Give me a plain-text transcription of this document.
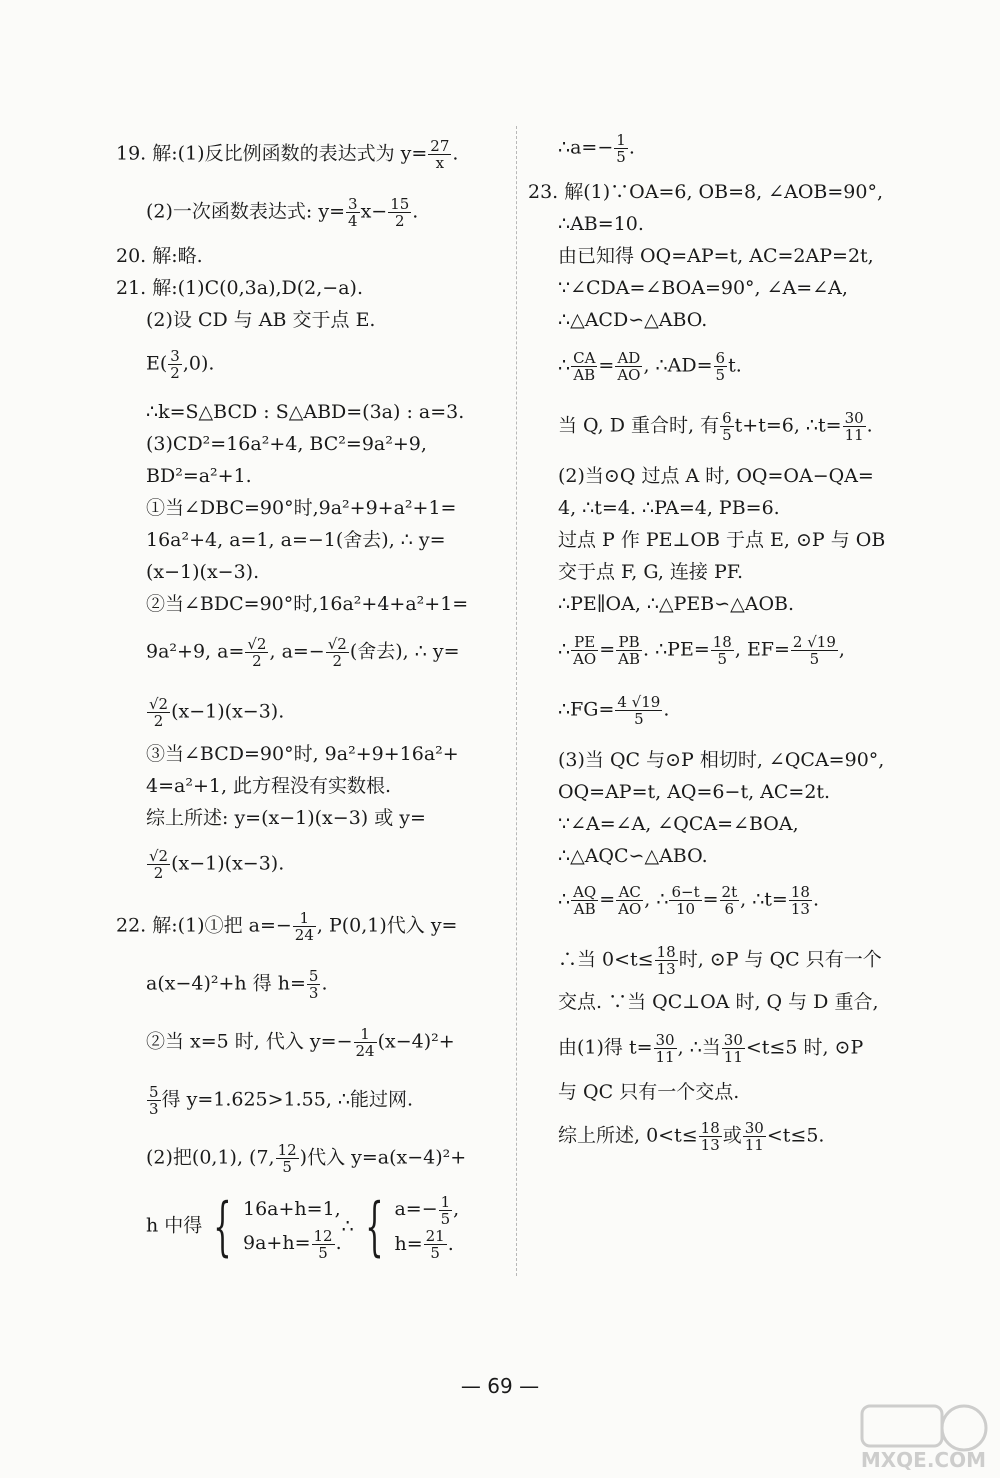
19. 解:(1)反比例函数的表达式为 $y= \frac{27}{x}$ .
(2)一次函数表达式: $y= \frac{3}{4} x- \frac{15}{2}$ .
20. 解:略.
21. 解:(1)C(0,3a),D(2,−a).
(2)设 CD 与 AB 交于点 E.
$E( \frac{3}{2} ,0)$.
∴k=S△BCD : S△ABD=(3a) : a=3.
(3)CD²=16a²+4, BC²=9a²+9,
BD²=a²+1.
①当∠DBC=90°时,9a²+9+a²+1=
16a²+4, a=1, a=−1(舍去), ∴ y=
(x−1)(x−3).
②当∠BDC=90°时,16a²+4+a²+1=
9a²+9, $a= \frac{√2}{2}$ , $a=- \frac{√2}{2}$ (舍去), ∴ y=
$\frac{√2}{2} (x-1)(x-3)$.
③当∠BCD=90°时, 9a²+9+16a²+
4=a²+1, 此方程没有实数根.
综上所述: y=(x−1)(x−3) 或 y=
$\frac{√2}{2} (x-1)(x-3)$.
22. 解:(1)①把 $a=- \frac{1}{24}$ , P(0,1)代入 y=
a(x−4)²+h 得 $h= \frac{5}{3}$ .
②当 x=5 时, 代入 $y=- \frac{1}{24} (x-4)^2+$
$\frac{5}{3}$ 得 y=1.625>1.55, ∴能过网.
(2)把(0,1), (7, $\frac{12}{5}$ )代入 y=a(x−4)²+
h 中得 { 16a+h=1,
$9a+h= \frac{12}{5}$ .
∴ { $a=- \frac{1}{5}$ ,
$h= \frac{21}{5}$ .
∴a=− $\frac{1}{5}$ .
23. 解(1)∵OA=6, OB=8, ∠AOB=90°,
∴AB=10.
由已知得 OQ=AP=t, AC=2AP=2t,
∵∠CDA=∠BOA=90°, ∠A=∠A,
∴△ACD∽△ABO.
∴ $\frac{CA}{AB} = \frac{AD}{AO}$ , ∴AD= $\frac{6}{5} t$.
当 Q, D 重合时, 有 $\frac{6}{5} t+t=6$, ∴t= $\frac{30}{11}$ .
(2)当⊙Q 过点 A 时, OQ=OA−QA=
4, ∴t=4. ∴PA=4, PB=6.
过点 P 作 PE⊥OB 于点 E, ⊙P 与 OB
交于点 F, G, 连接 PF.
∴PE∥OA, ∴△PEB∽△AOB.
∴ $\frac{PE}{AO} = \frac{PB}{AB}$ . ∴PE= $\frac{18}{5}$ , $EF= \frac{2 √19}{5}$ ,
∴FG= $\frac{4 √19}{5}$ .
(3)当 QC 与⊙P 相切时, ∠QCA=90°,
OQ=AP=t, AQ=6−t, AC=2t.
∵∠A=∠A, ∠QCA=∠BOA,
∴△AQC∽△ABO.
∴ $\frac{AQ}{AB} = \frac{AC}{AO}$ , ∴ $\frac{6-t}{10} = \frac{2t}{6}$ , ∴t= $\frac{18}{13}$ .
∴当 $0<t\le \frac{18}{13}$ 时, ⊙P 与 QC 只有一个
交点. ∵当 QC⊥OA 时, Q 与 D 重合,
由(1)得 $t= \frac{30}{11}$ , ∴当 $\frac{30}{11} <t\le 5$ 时, ⊙P
与 QC 只有一个交点.
综上所述, $0<t\le \frac{18}{13}$ 或 $\frac{30}{11} <t\le 5$.
— 69 —
MXQE.COM
